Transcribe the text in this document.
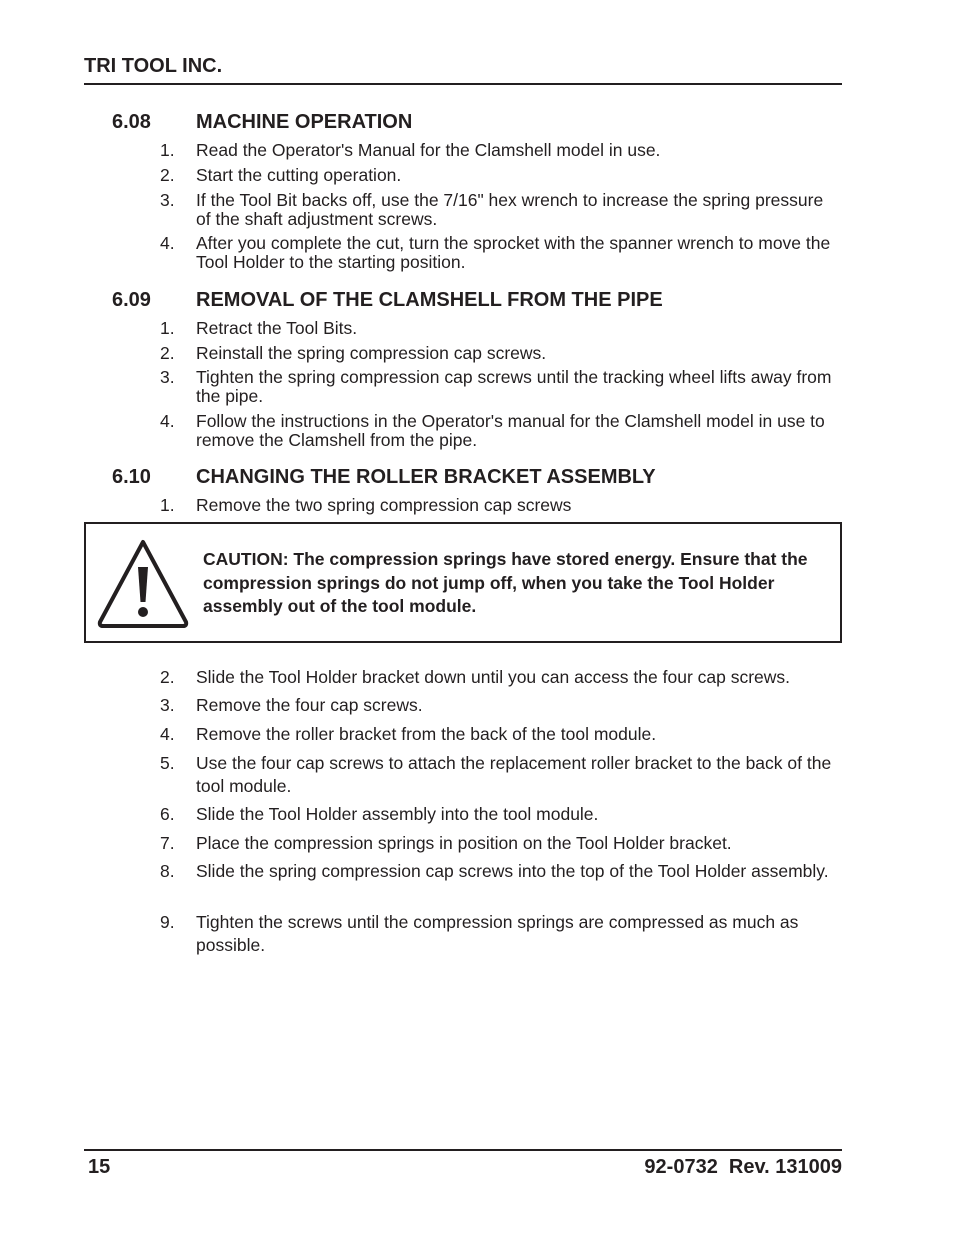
TRI TOOL INC.
6.08 MACHINE OPERATION
1.	Read the Operator's Manual for the Clamshell model in use.
2.	Start the cutting operation.
3.	If the Tool Bit backs off, use the 7/16" hex wrench to increase the spring pressure of the shaft adjustment screws.
4.	After you complete the cut, turn the sprocket with the spanner wrench to move the Tool Holder to the starting position.
6.09 REMOVAL OF THE CLAMSHELL FROM THE PIPE
1.	Retract the Tool Bits.
2.	Reinstall the spring compression cap screws.
3.	Tighten the spring compression cap screws until the tracking wheel lifts away from the pipe.
4.	Follow the instructions in the Operator's manual for the Clamshell model in use to remove the Clamshell from the pipe.
6.10 CHANGING THE ROLLER BRACKET ASSEMBLY
1.	Remove the two spring compression cap screws
CAUTION: The compression springs have stored energy. Ensure that the compression springs do not jump off, when you take the Tool Holder assembly out of the tool module.
2.	Slide the Tool Holder bracket down until you can access the four cap screws.
3.	Remove the four cap screws.
4.	Remove the roller bracket from the back of the tool module.
5.	Use the four cap screws to attach the replacement roller bracket to the back of the tool module.
6.	Slide the Tool Holder assembly into the tool module.
7.	Place the compression springs in position on the Tool Holder bracket.
8.	Slide the spring compression cap screws into the top of the Tool Holder assembly.
9.	Tighten the screws until the compression springs are compressed as much as possible.
15	92-0732  Rev. 131009
